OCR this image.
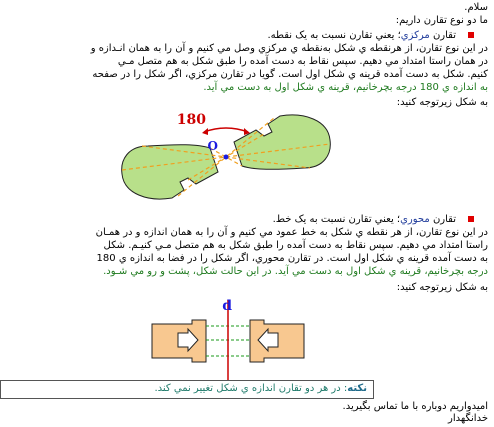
سلام.
ما دو نوع تقارن داريم:
تقارن مرکزي؛ يعني تقارن نسبت به يک نقطه.
در اين نوع تقارن، از هرنقطه ي شکل به‌نقطه ي مرکزي وصل مي کنيم و آن را به همان انـدازه و
در همان راستا امتداد مي دهيم. سپس نقاط به دست آمده را طبق شکل به هم متصل مـي
کنيم. شکل به دست آمده قرينه ي شکل اول است. گويا در تقارن مرکزي، اگر شکل را در صفحه
به اندازه ي 180 درجه بچرخانيم، قرينه ي شکل اول به دست مي آيد.
به شکل زيرتوجه کنيد:
O
180
تقارن محوري؛ يعني تقارن نسبت به يک خط.
در اين نوع تقارن، از هر نقطه ي شکل به خط عمود مي کنيم و آن را به همان اندازه و در همـان
راستا امتداد مي دهيم. سپس نقاط به دست آمده را طبق شکل به هم متصل مـي کنيـم. شکل
به دست آمده قرينه ي شکل اول است. در تقارن محوري، اگر شکل را در فضا به اندازه ي 180
درجه بچرخانيم، قرينه ي شکل اول به دست مي آيد. در اين حالت شکل، پشت و رو مي شـود.
به شکل زيرتوجه کنيد:
d
نکته: در هر دو تقارن اندازه ي شکل تغيير نمي کند.
اميدواريم دوباره با ما تماس بگيريد.
خدانگهدار
